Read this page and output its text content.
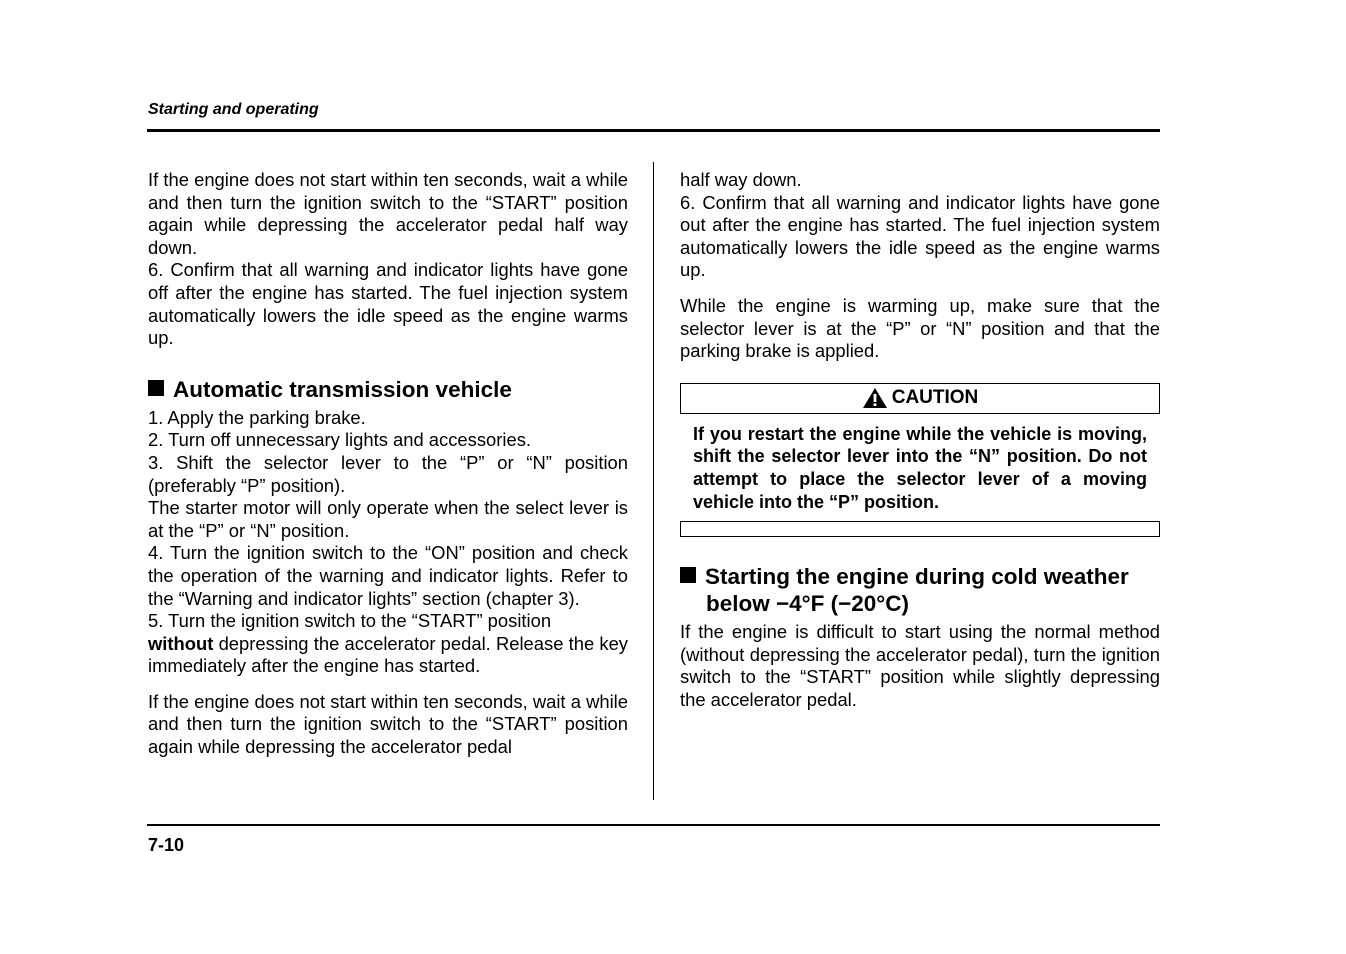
Starting and operating

If the engine does not start within ten seconds, wait a while and then turn the ignition switch to the “START” position again while depressing the accelerator pedal half way down.

6. Confirm that all warning and indicator lights have gone off after the engine has started. The fuel injection system automatically lowers the idle speed as the engine warms up.

Automatic transmission vehicle

1. Apply the parking brake.

2. Turn off unnecessary lights and accessories.

3. Shift the selector lever to the “P” or “N” position (preferably “P” position).

The starter motor will only operate when the select lever is at the “P” or “N” position.

4. Turn the ignition switch to the “ON” position and check the operation of the warning and indicator lights. Refer to the “Warning and indicator lights” section (chapter 3).

5. Turn the ignition switch to the “START” position
without depressing the accelerator pedal. Release the key immediately after the engine has started.

If the engine does not start within ten seconds, wait a while and then turn the ignition switch to the “START” position again while depressing the accelerator pedal

half way down.

6. Confirm that all warning and indicator lights have gone out after the engine has started. The fuel injection system automatically lowers the idle speed as the engine warms up.

While the engine is warming up, make sure that the selector lever is at the “P” or “N” position and that the parking brake is applied.

CAUTION
If you restart the engine while the vehicle is moving, shift the selector lever into the “N” position. Do not attempt to place the selector lever of a moving vehicle into the “P” position.

Starting the engine during cold weather below −4°F (−20°C)

If the engine is difficult to start using the normal method (without depressing the accelerator pedal), turn the ignition switch to the “START” position while slightly depressing the accelerator pedal.

7-10
